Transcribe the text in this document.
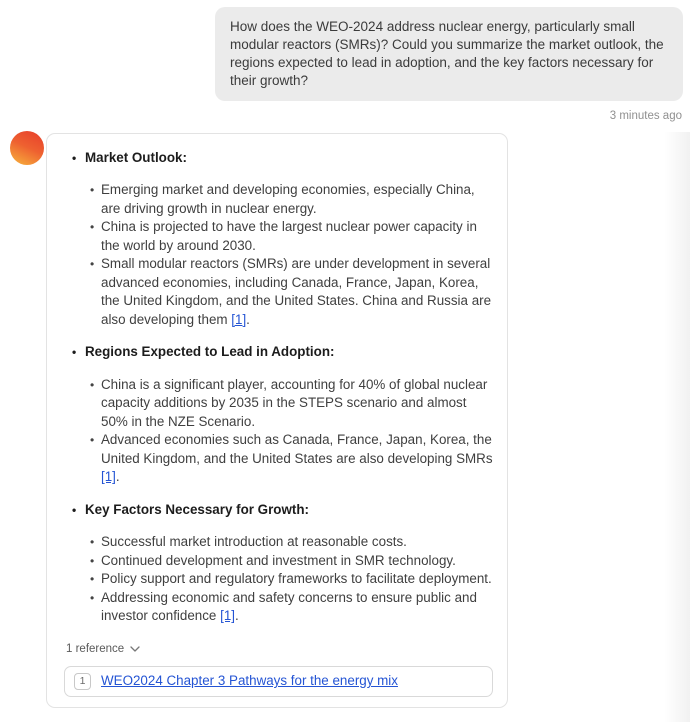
How does the WEO-2024 address nuclear energy, particularly small modular reactors (SMRs)? Could you summarize the market outlook, the regions expected to lead in adoption, and the key factors necessary for their growth?

3 minutes ago
• Market Outlook:
• Emerging market and developing economies, especially China, are driving growth in nuclear energy.
• China is projected to have the largest nuclear power capacity in the world by around 2030.
• Small modular reactors (SMRs) are under development in several advanced economies, including Canada, France, Japan, Korea, the United Kingdom, and the United States. China and Russia are also developing them [1].
• Regions Expected to Lead in Adoption:
• China is a significant player, accounting for 40% of global nuclear capacity additions by 2035 in the STEPS scenario and almost 50% in the NZE Scenario.
• Advanced economies such as Canada, France, Japan, Korea, the United Kingdom, and the United States are also developing SMRs [1].
• Key Factors Necessary for Growth:
• Successful market introduction at reasonable costs.
• Continued development and investment in SMR technology.
• Policy support and regulatory frameworks to facilitate deployment.
• Addressing economic and safety concerns to ensure public and investor confidence [1].
1 reference
1	WEO2024 Chapter 3 Pathways for the energy mix
